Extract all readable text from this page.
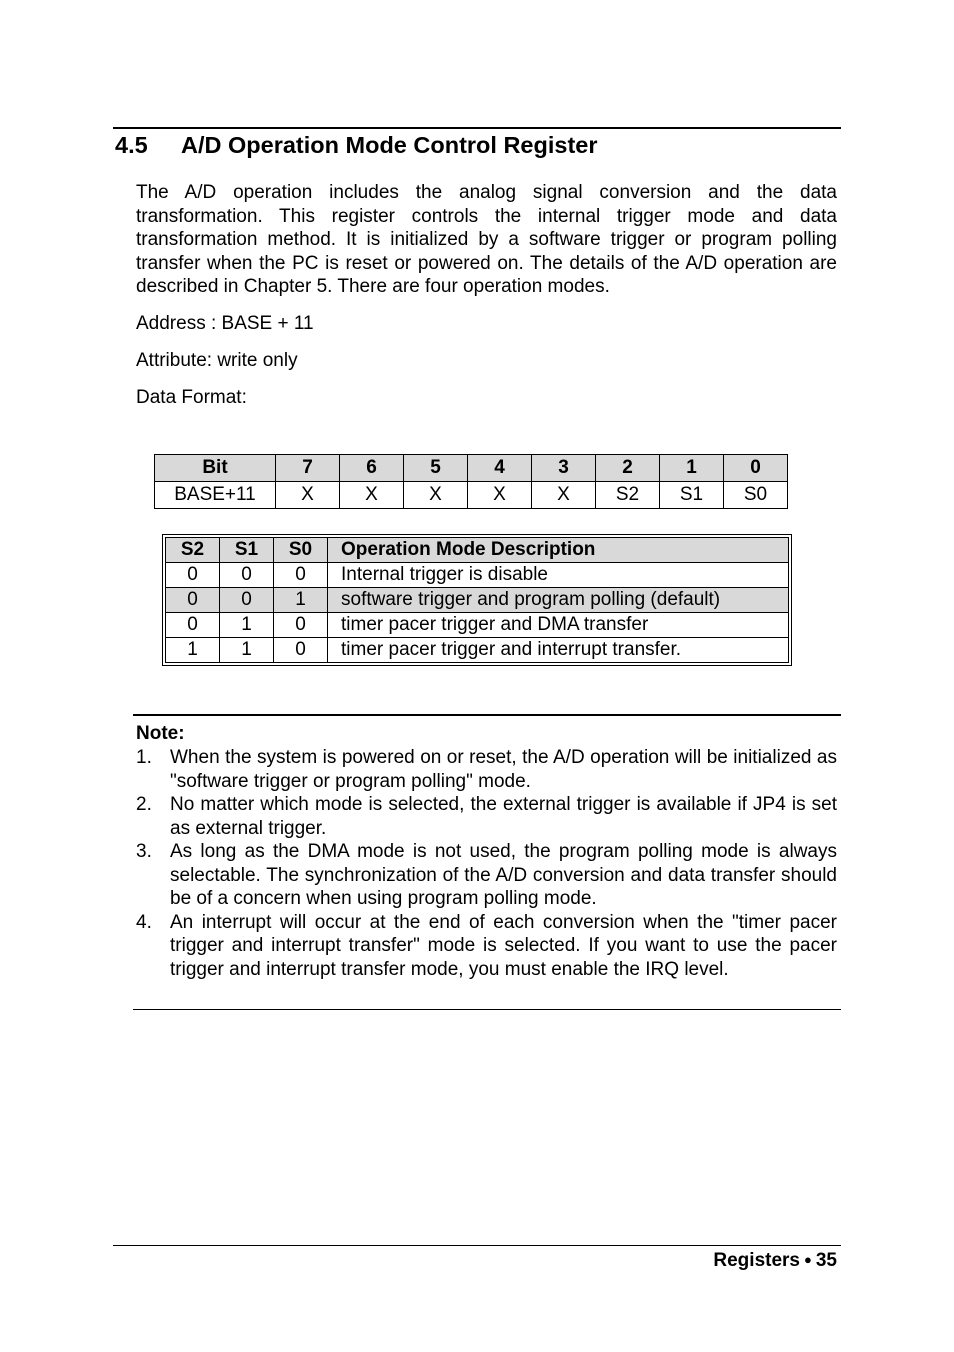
4.5 A/D Operation Mode Control Register
The A/D operation includes the analog signal conversion and the data transformation. This register controls the internal trigger mode and data transformation method. It is initialized by a software trigger or program polling transfer when the PC is reset or powered on. The details of the A/D operation are described in Chapter 5. There are four operation modes.
Address : BASE + 11
Attribute: write only
Data Format:
Bit	7	6	5	4	3	2	1	0
BASE+11	X	X	X	X	X	S2	S1	S0
S2	S1	S0	Operation Mode Description
0	0	0	Internal trigger is disable
0	0	1	software trigger and program polling (default)
0	1	0	timer pacer trigger and DMA transfer
1	1	0	timer pacer trigger and interrupt transfer.
Note:
1. When the system is powered on or reset, the A/D operation will be initialized as "software trigger or program polling" mode.
2. No matter which mode is selected, the external trigger is available if JP4 is set as external trigger.
3. As long as the DMA mode is not used, the program polling mode is always selectable. The synchronization of the A/D conversion and data transfer should be of a concern when using program polling mode.
4. An interrupt will occur at the end of each conversion when the "timer pacer trigger and interrupt transfer" mode is selected. If you want to use the pacer trigger and interrupt transfer mode, you must enable the IRQ level.
Registers ● 35
